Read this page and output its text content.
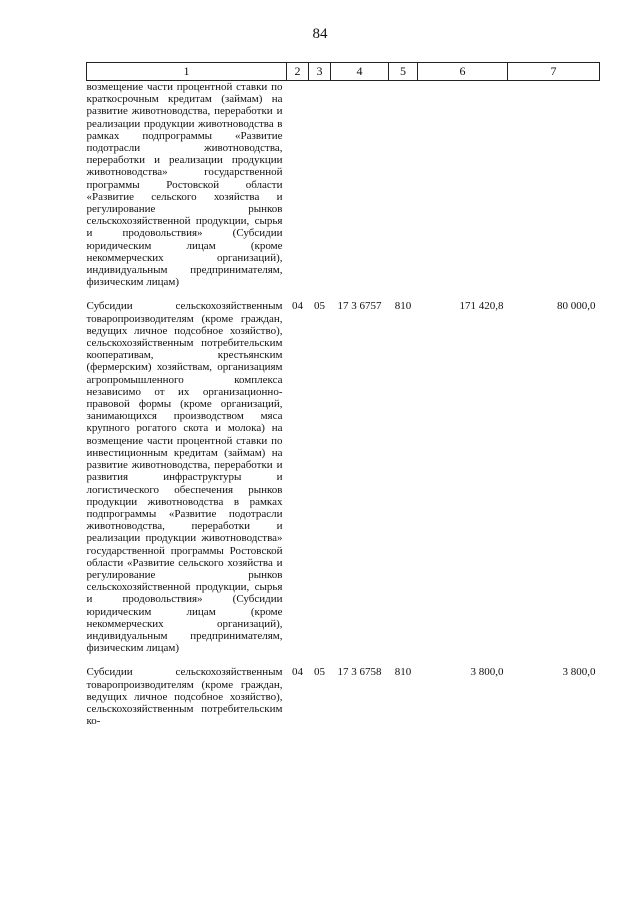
84
1	2	3	4	5	6	7
возмещение части процентной ставки по краткосрочным кредитам (займам) на развитие животноводства, переработки и реализации продукции животноводства в рамках подпрограммы «Развитие подотрасли животноводства, переработки и реализации продукции животноводства» государственной программы Ростовской области «Развитие сельского хозяйства и регулирование рынков сельскохозяйственной продукции, сырья и продовольствия» (Субсидии юридическим лицам (кроме некоммерческих организаций), индивидуальным предпринимателям, физическим лицам)						
Субсидии сельскохозяйственным товаропроизводителям (кроме граждан, ведущих личное подсобное хозяйство), сельскохозяйственным потребительским кооперативам, крестьянским (фермерским) хозяйствам, организациям агропромышленного комплекса независимо от их организационно-правовой формы (кроме организаций, занимающихся производством мяса крупного рогатого скота и молока) на возмещение части процентной ставки по инвестиционным кредитам (займам) на развитие животноводства, переработки и развития инфраструктуры и логистического обеспечения рынков продукции животноводства в рамках подпрограммы «Развитие подотрасли животноводства, переработки и реализации продукции животноводства» государственной программы Ростовской области «Развитие сельского хозяйства и регулирование рынков сельскохозяйственной продукции, сырья и продовольствия» (Субсидии юридическим лицам (кроме некоммерческих организаций), индивидуальным предпринимателям, физическим лицам)	04	05	17 3 6757	810	171 420,8	80 000,0
Субсидии сельскохозяйственным товаропроизводителям (кроме граждан, ведущих личное подсобное хозяйство), сельскохозяйственным потребительским ко-	04	05	17 3 6758	810	3 800,0	3 800,0
